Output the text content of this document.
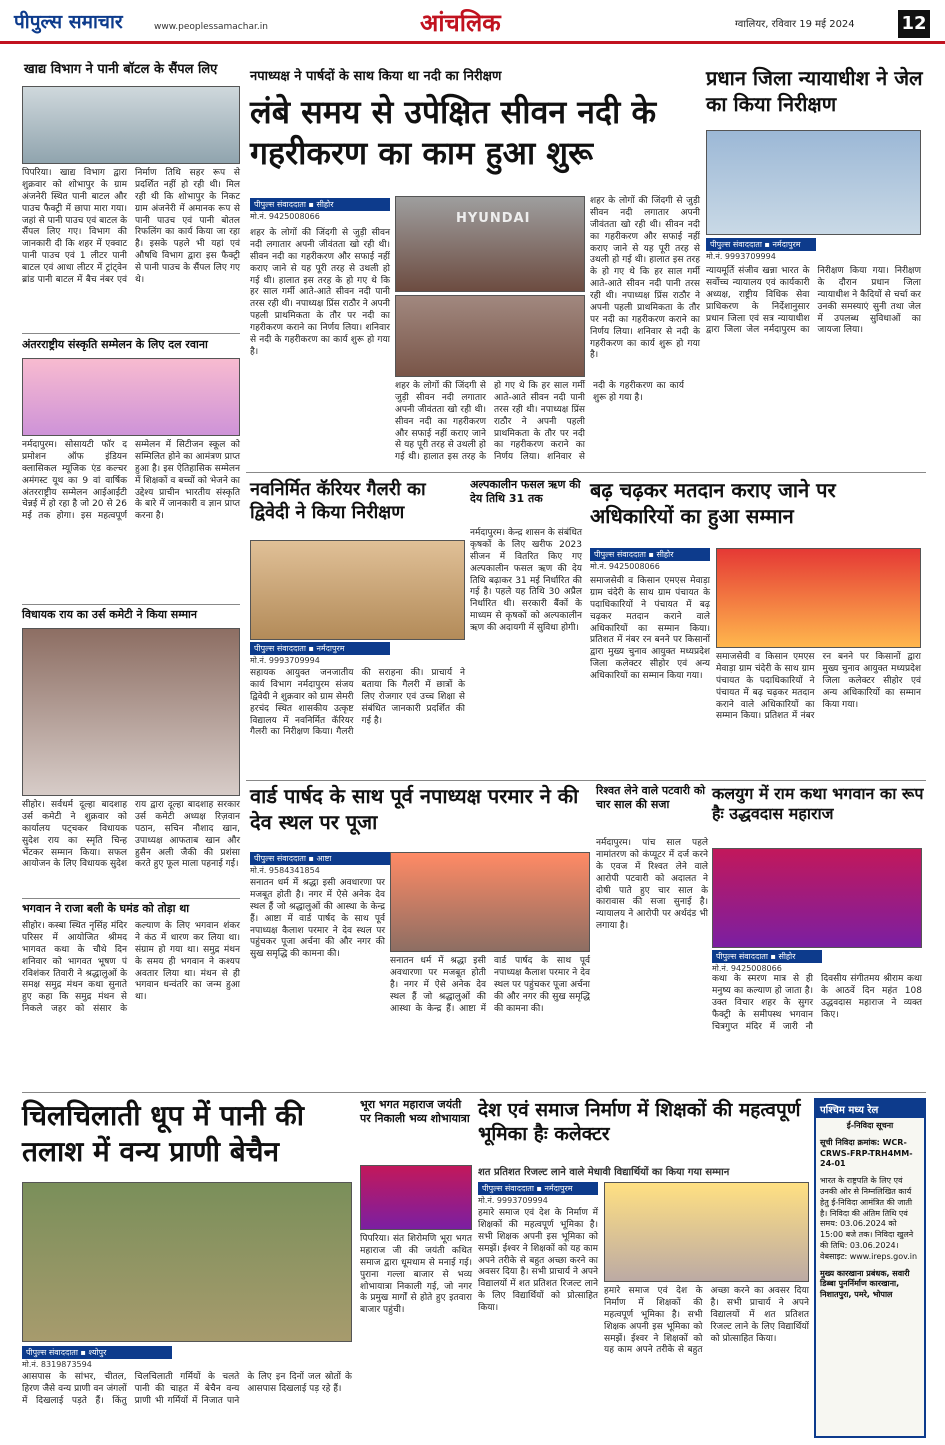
पीपुल्स समाचार	www.peoplessamachar.in	आंचलिक	ग्वालियर, रविवार 19 मई 2024	12
खाद्य विभाग ने पानी बॉटल के सैंपल लिए
पिपरिया। खाद्य विभाग द्वारा शुक्रवार को शोभापुर के ग्राम अंजनेरी स्थित पानी बाटल और पाउच फैक्ट्री में छापा मारा गया। जहां से पानी पाउच एवं बाटल के सैंपल लिए गए। विभाग की जानकारी दी कि शहर में एक्वाट पानी पाउच एवं 1 लीटर पानी बाटल एवं आधा लीटर में ट्रांट्वेन ब्रांड पानी बाटल में बैच नंबर एवं निर्माण तिथि सहर रूप से प्रदर्शित नहीं हो रही थी। मिल रही थी कि शोभापुर के निकट ग्राम अंजनेरी में अमानक रूप से पानी पाउच एवं पानी बोतल रिफलिंग का कार्य किया जा रहा है। इसके पहले भी यहां एवं औषधि विभाग द्वारा इस फैक्ट्री से पानी पाउच के सैंपल लिए गए थे।
अंतरराष्ट्रीय संस्कृति सम्मेलन के लिए दल रवाना
नर्मदापुरम। सोसायटी फॉर द प्रमोशन ऑफ इंडियन क्लासिकल म्यूजिक एंड कल्चर अमंगस्ट यूथ का 9 वां वार्षिक अंतरराष्ट्रीय सम्मेलन आईआईटी चेन्नई में हो रहा है जो 20 से 26 मई तक होगा। इस महत्वपूर्ण सम्मेलन में सिटीजन स्कूल को सम्मिलित होने का आमंत्रण प्राप्त हुआ है। इस ऐतिहासिक सम्मेलन में शिक्षकों व बच्चों को भेजने का उद्देश्य प्राचीन भारतीय संस्कृति के बारे में जानकारी व ज्ञान प्राप्त करना है।
विधायक राय का उर्स कमेटी ने किया सम्मान
सीहोर। सर्वधर्म दूल्हा बादशाह उर्स कमेटी ने शुक्रवार को कार्यालय पट्‌चकर विधायक सुदेश राय का स्मृति चिन्ह भेंटकर सम्मान किया। सफल आयोजन के लिए विधायक सुदेश राय द्वारा दूल्हा बादशाह सरकार उर्स कमेटी अध्यक्ष रिज़वान पठान, सचिन नौशाद खान, उपाध्यक्ष आफताब खान और हुसैन अली जैकी की प्रशंसा करते हुए फूल माला पहनाई गई।
भगवान ने राजा बली के घमंड को तोड़ा था
सीहोर। कस्बा स्थित नृसिंह मंदिर परिसर में आयोजित श्रीमद भागवत कथा के चौथे दिन शनिवार को भागवत भूषण पं रविशंकर तिवारी ने श्रद्धालुओं के समक्ष समुद्र मंथन कथा सुनाते हुए कहा कि समुद्र मंथन से निकले जहर को संसार के कल्याण के लिए भगवान शंकर ने कंठ में धारण कर लिया था। संग्राम हो गया था। समुद्र मंथन के समय ही भगवान ने कश्यप अवतार लिया था। मंथन से ही भगवान धन्वंतरि का जन्म हुआ था।
नपाध्यक्ष ने पार्षदों के साथ किया था नदी का निरीक्षण
लंबे समय से उपेक्षित सीवन नदी के गहरीकरण का काम हुआ शुरू
पीपुल्स संवाददाता ▪ सीहोर
मो.नं. 9425008066
शहर के लोगों की जिंदगी से जुड़ी सीवन नदी लगातार अपनी जीवंतता खो रही थी। सीवन नदी का गहरीकरण और सफाई नहीं कराए जाने से यह पूरी तरह से उथली हो गई थी। हालात इस तरह के हो गए थे कि हर साल गर्मी आते-आते सीवन नदी पानी तरस रही थी। नपाध्यक्ष प्रिंस राठौर ने अपनी पहली प्राथमिकता के तौर पर नदी का गहरीकरण कराने का निर्णय लिया। शनिवार से नदी के गहरीकरण का कार्य शुरू हो गया है।
HYUNDAI
शहर के लोगों की जिंदगी से जुड़ी सीवन नदी लगातार अपनी जीवंतता खो रही थी। सीवन नदी का गहरीकरण और सफाई नहीं कराए जाने से यह पूरी तरह से उथली हो गई थी। हालात इस तरह के हो गए थे कि हर साल गर्मी आते-आते सीवन नदी पानी तरस रही थी। नपाध्यक्ष प्रिंस राठौर ने अपनी पहली प्राथमिकता के तौर पर नदी का गहरीकरण कराने का निर्णय लिया। शनिवार से नदी के गहरीकरण का कार्य शुरू हो गया है।
शहर के लोगों की जिंदगी से जुड़ी सीवन नदी लगातार अपनी जीवंतता खो रही थी। सीवन नदी का गहरीकरण और सफाई नहीं कराए जाने से यह पूरी तरह से उथली हो गई थी। हालात इस तरह के हो गए थे कि हर साल गर्मी आते-आते सीवन नदी पानी तरस रही थी। नपाध्यक्ष प्रिंस राठौर ने अपनी पहली प्राथमिकता के तौर पर नदी का गहरीकरण कराने का निर्णय लिया। शनिवार से नदी के गहरीकरण का कार्य शुरू हो गया है।
प्रधान जिला न्यायाधीश ने जेल का किया निरीक्षण
पीपुल्स संवाददाता ▪ नर्मदापुरम
मो.नं. 9993709994
न्यायमूर्ति संजीव खन्ना भारत के सर्वोच्च न्यायालय एवं कार्यकारी अध्यक्ष, राष्ट्रीय विधिक सेवा प्राधिकरण के निर्देशानुसार प्रधान जिला एवं सत्र न्यायाधीश द्वारा जिला जेल नर्मदापुरम का निरीक्षण किया गया। निरीक्षण के दौरान प्रधान जिला न्यायाधीश ने कैदियों से चर्चा कर उनकी समस्याएं सुनी तथा जेल में उपलब्ध सुविधाओं का जायजा लिया।
नवनिर्मित कॅरियर गैलरी का द्विवेदी ने किया निरीक्षण
पीपुल्स संवाददाता ▪ नर्मदापुरम
मो.नं. 9993709994
सहायक आयुक्त जनजातीय कार्य विभाग नर्मदापुरम संजय द्विवेदी ने शुक्रवार को ग्राम सेमरी हरचंद स्थित शासकीय उत्कृष्ट विद्यालय में नवनिर्मित कॅरियर गैलरी का निरीक्षण किया। गैलरी की सराहना की। प्राचार्य ने बताया कि गैलरी में छात्रों के लिए रोजगार एवं उच्च शिक्षा से संबंधित जानकारी प्रदर्शित की गई है।
अल्पकालीन फसल ऋण की देय तिथि 31 तक
नर्मदापुरम। केन्द्र शासन के संबंधित कृषकों के लिए खरीफ 2023 सीजन में वितरित किए गए अल्पकालीन फसल ऋण की देय तिथि बढ़ाकर 31 मई निर्धारित की गई है। पहले यह तिथि 30 अप्रैल निर्धारित थी। सरकारी बैंकों के माध्यम से कृषकों को अल्पकालीन ऋण की अदायगी में सुविधा होगी।
बढ़ चढ़कर मतदान कराए जाने पर अधिकारियों का हुआ सम्मान
पीपुल्स संवाददाता ▪ सीहोर
मो.नं. 9425008066
समाजसेवी व किसान एमएस मेवाड़ा ग्राम चंदेरी के साथ ग्राम पंचायत के पदाधिकारियों ने पंचायत में बढ़ चढ़कर मतदान कराने वाले अधिकारियों का सम्मान किया। प्रतिशत में नंबर रन बनने पर किसानों द्वारा मुख्य चुनाव आयुक्त मध्यप्रदेश जिला कलेक्टर सीहोर एवं अन्य अधिकारियों का सम्मान किया गया।
समाजसेवी व किसान एमएस मेवाड़ा ग्राम चंदेरी के साथ ग्राम पंचायत के पदाधिकारियों ने पंचायत में बढ़ चढ़कर मतदान कराने वाले अधिकारियों का सम्मान किया। प्रतिशत में नंबर रन बनने पर किसानों द्वारा मुख्य चुनाव आयुक्त मध्यप्रदेश जिला कलेक्टर सीहोर एवं अन्य अधिकारियों का सम्मान किया गया।
वार्ड पार्षद के साथ पूर्व नपाध्यक्ष परमार ने की देव स्थल पर पूजा
पीपुल्स संवाददाता ▪ आष्टा
मो.नं. 9584341854
सनातन धर्म में श्रद्धा इसी अवधारणा पर मजबूत होती है। नगर में ऐसे अनेक देव स्थल हैं जो श्रद्धालुओं की आस्था के केन्द्र हैं। आष्टा में वार्ड पार्षद के साथ पूर्व नपाध्यक्ष कैलाश परमार ने देव स्थल पर पहुंचकर पूजा अर्चना की और नगर की सुख समृद्धि की कामना की।
सनातन धर्म में श्रद्धा इसी अवधारणा पर मजबूत होती है। नगर में ऐसे अनेक देव स्थल हैं जो श्रद्धालुओं की आस्था के केन्द्र हैं। आष्टा में वार्ड पार्षद के साथ पूर्व नपाध्यक्ष कैलाश परमार ने देव स्थल पर पहुंचकर पूजा अर्चना की और नगर की सुख समृद्धि की कामना की।
रिश्वत लेने वाले पटवारी को चार साल की सजा
नर्मदापुरम। पांच साल पहले नामांतरण को कंप्यूटर में दर्ज करने के एवज में रिश्वत लेने वाले आरोपी पटवारी को अदालत ने दोषी पाते हुए चार साल के कारावास की सजा सुनाई है। न्यायालय ने आरोपी पर अर्थदंड भी लगाया है।
कलयुग में राम कथा भगवान का रूप हैः उद्धवदास महाराज
पीपुल्स संवाददाता ▪ सीहोर
मो.नं. 9425008066
कथा के स्मरण मात्र से ही मनुष्य का कल्याण हो जाता है। उक्त विचार शहर के सुगर फैक्ट्री के समीपस्थ भगवान चित्रगुप्त मंदिर में जारी नौ दिवसीय संगीतमय श्रीराम कथा के आठवें दिन महंत 108 उद्धवदास महाराज ने व्यक्त किए।
चिलचिलाती धूप में पानी की तलाश में वन्य प्राणी बेचैन
पीपुल्स संवाददाता ▪ श्योपुर
मो.नं. 8319873594
आसपास के सांभर, चीतल, हिरण जैसे वन्य प्राणी वन जंगलों में दिखलाई पड़ते हैं। किंतु चिलचिलाती गर्मियों के चलते पानी की चाहत में बेचैन वन्य प्राणी भी गर्मियों में निजात पाने के लिए इन दिनों जल स्रोतों के आसपास दिखलाई पड़ रहे हैं।
भूरा भगत महाराज जयंती पर निकाली भव्य शोभायात्रा
पिपरिया। संत शिरोमणि भूरा भगत महाराज जी की जयंती कथित समाज द्वारा धूमधाम से मनाई गई। पुराना गल्ला बाजार से भव्य शोभायात्रा निकाली गई, जो नगर के प्रमुख मार्गों से होते हुए इतवारा बाजार पहुंची।
देश एवं समाज निर्माण में शिक्षकों की महत्वपूर्ण भूमिका हैः कलेक्टर
शत प्रतिशत रिजल्ट लाने वाले मेधावी विद्यार्थियों का किया गया सम्मान
पीपुल्स संवाददाता ▪ नर्मदापुरम
मो.नं. 9993709994
हमारे समाज एवं देश के निर्माण में शिक्षकों की महत्वपूर्ण भूमिका है। सभी शिक्षक अपनी इस भूमिका को समझें। ईश्वर ने शिक्षकों को यह काम अपने तरीके से बहुत अच्छा करने का अवसर दिया है। सभी प्राचार्य ने अपने विद्यालयों में शत प्रतिशत रिजल्ट लाने के लिए विद्यार्थियों को प्रोत्साहित किया।
हमारे समाज एवं देश के निर्माण में शिक्षकों की महत्वपूर्ण भूमिका है। सभी शिक्षक अपनी इस भूमिका को समझें। ईश्वर ने शिक्षकों को यह काम अपने तरीके से बहुत अच्छा करने का अवसर दिया है। सभी प्राचार्य ने अपने विद्यालयों में शत प्रतिशत रिजल्ट लाने के लिए विद्यार्थियों को प्रोत्साहित किया।
पश्चिम मध्य रेल
ई-निविदा सूचना
सूची निविदा क्रमांक: WCR-CRWS-FRP-TRH4MM-24-01
भारत के राष्ट्रपति के लिए एवं उनकी ओर से निम्नलिखित कार्य हेतु ई-निविदा आमंत्रित की जाती है। निविदा की अंतिम तिथि एवं समय: 03.06.2024 को 15:00 बजे तक। निविदा खुलने की तिथि: 03.06.2024। वेबसाइट: www.ireps.gov.in
मुख्य कारखाना प्रबंधक, सवारी डिब्बा पुनर्निर्माण कारखाना, निशातपुरा, पमरे, भोपाल
